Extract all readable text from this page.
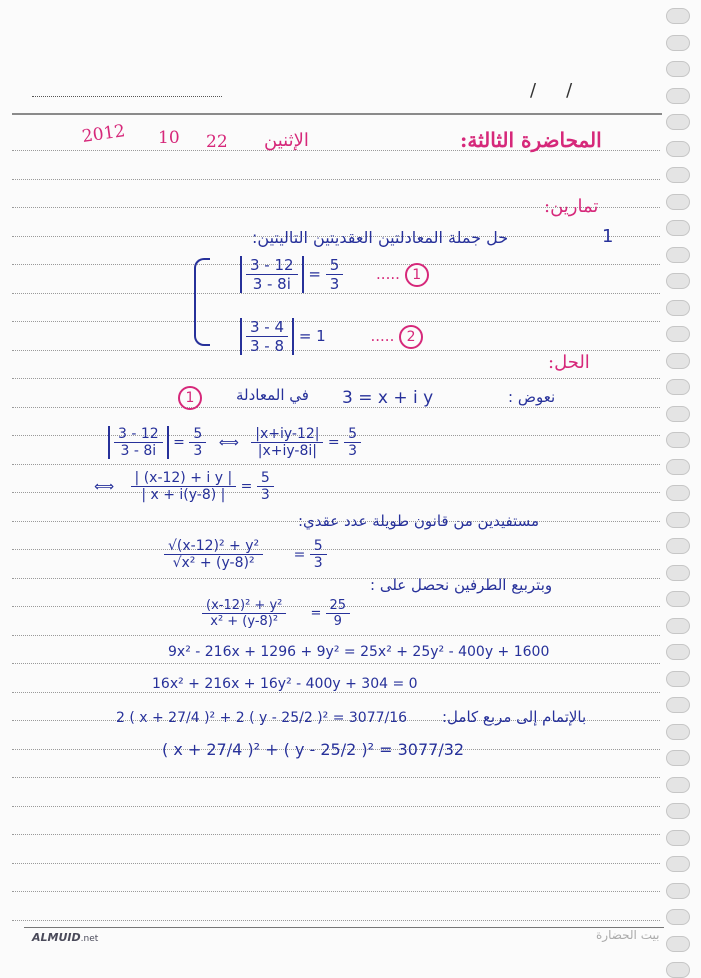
//
2012 10 22 الإثنين	المحاضرة الثالثة:
تمارين:
1
حل جملة المعادلتين العقديتين التاليتين:
$\frac{3 - 12}{3 - 8i} = \frac{5}{3}$ ..... 1
$\frac{3 - 4}{3 - 8} = 1$	..... 2
الحل:
نعوض :
3 = x + i y
في المعادلة
1
$\frac{3 - 12}{3 - 8i} = \frac{5}{3}$ ⟺ $\frac{|x+iy-12|}{|x+iy-8i|} = \frac{5}{3}$
⟺ $\frac{\text{| (x-12) + i y |}}{| x + i(y-8) |} = \frac{5}{3}$
مستفيدين من قانون طويلة عدد عقدي:
$\frac{\text{√(x-12)² + y²}}{\text{√x² + (y-8)²}} = \frac{5}{3}$
وبتربيع الطرفين نحصل على :
$\frac{\text{(x-12)² + y²}}{\text{x² + (y-8)²}} = \frac{25}{9}$
9x² - 216x + 1296 + 9y² = 25x² + 25y² - 400y + 1600
16x² + 216x + 16y² - 400y + 304 = 0
2 ( x + 27/4 )² + 2 ( y - 25/2 )² = 3077/16 بالإتمام إلى مربع كامل:
( x + 27/4 )² + ( y - 25/2 )² = 3077/32
ALMUID.net	بيت الحضارة
